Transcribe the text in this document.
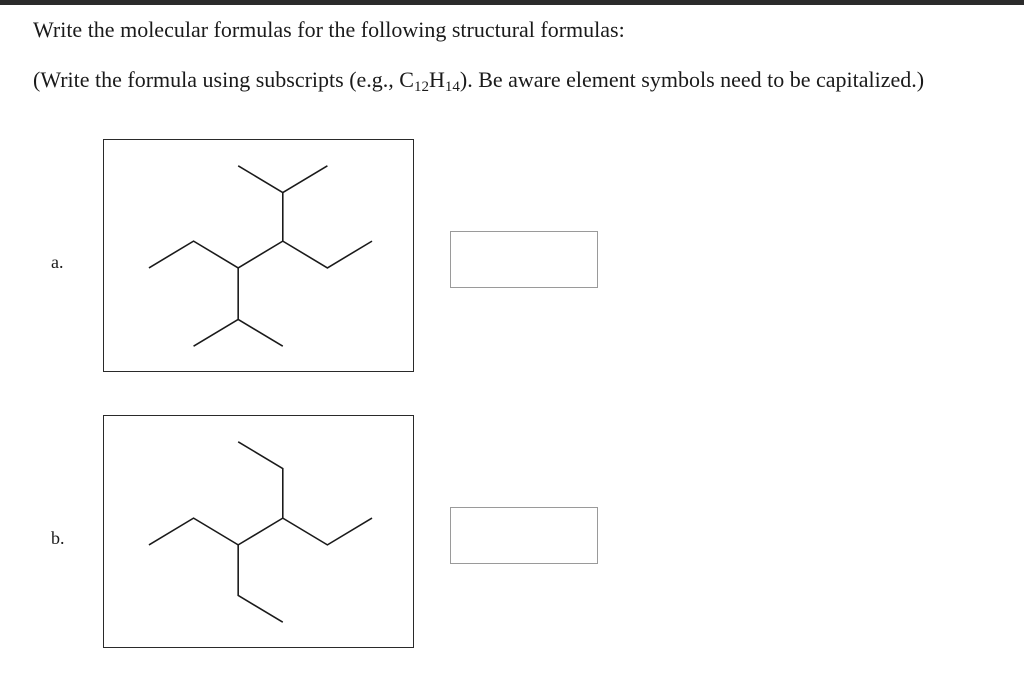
Write the molecular formulas for the following structural formulas:
(Write the formula using subscripts (e.g., $C_{12}H_{14}$). Be aware element symbols need to be capitalized.)
a.
b.
